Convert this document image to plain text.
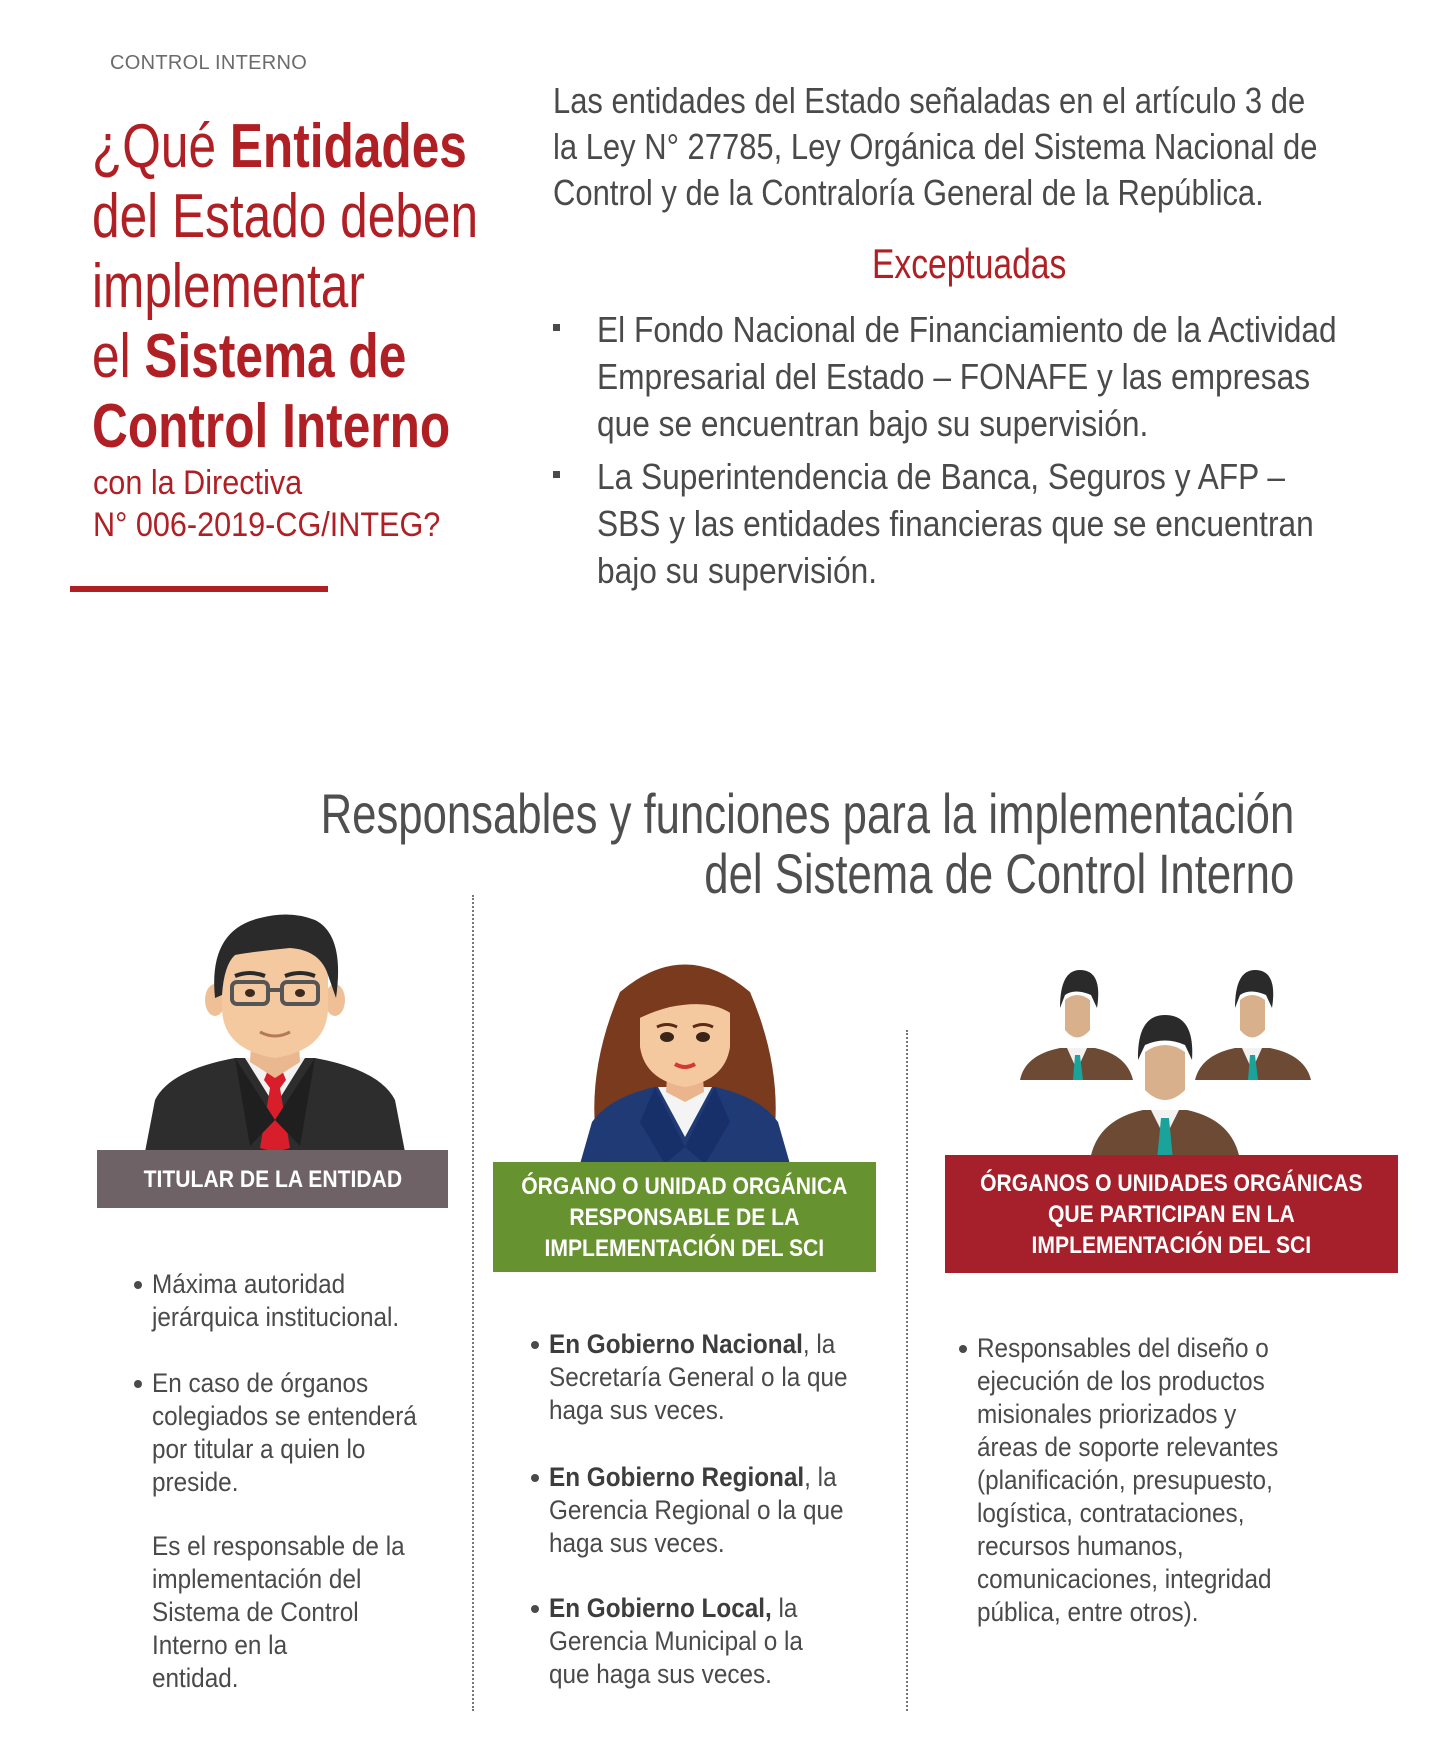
CONTROL INTERNO
¿Qué Entidades
del Estado deben
implementar
el Sistema de
Control Interno
con la Directiva
N° 006-2019-CG/INTEG?
Las entidades del Estado señaladas en el artículo 3 de
la Ley N° 27785, Ley Orgánica del Sistema Nacional de
Control y de la Contraloría General de la República.
Exceptuadas
El Fondo Nacional de Financiamiento de la Actividad
Empresarial del Estado – FONAFE y las empresas
que se encuentran bajo su supervisión.
La Superintendencia de Banca, Seguros y AFP –
SBS y las entidades financieras que se encuentran
bajo su supervisión.
Responsables y funciones para la implementación
del Sistema de Control Interno
TITULAR DE LA ENTIDAD	ÓRGANO O UNIDAD ORGÁNICA
RESPONSABLE DE LA
IMPLEMENTACIÓN DEL SCI
ÓRGANOS O UNIDADES ORGÁNICAS
QUE PARTICIPAN EN LA
IMPLEMENTACIÓN DEL SCI
Máxima autoridad
jerárquica institucional.
En caso de órganos
colegiados se entenderá
por titular a quien lo
preside.
Es el responsable de la
implementación del
Sistema de Control
Interno en la
entidad.
En Gobierno Nacional, la
Secretaría General o la que
haga sus veces.
En Gobierno Regional, la
Gerencia Regional o la que
haga sus veces.
En Gobierno Local, la
Gerencia Municipal o la
que haga sus veces.
Responsables del diseño o
ejecución de los productos
misionales priorizados y
áreas de soporte relevantes
(planificación, presupuesto,
logística, contrataciones,
recursos humanos,
comunicaciones, integridad
pública, entre otros).
